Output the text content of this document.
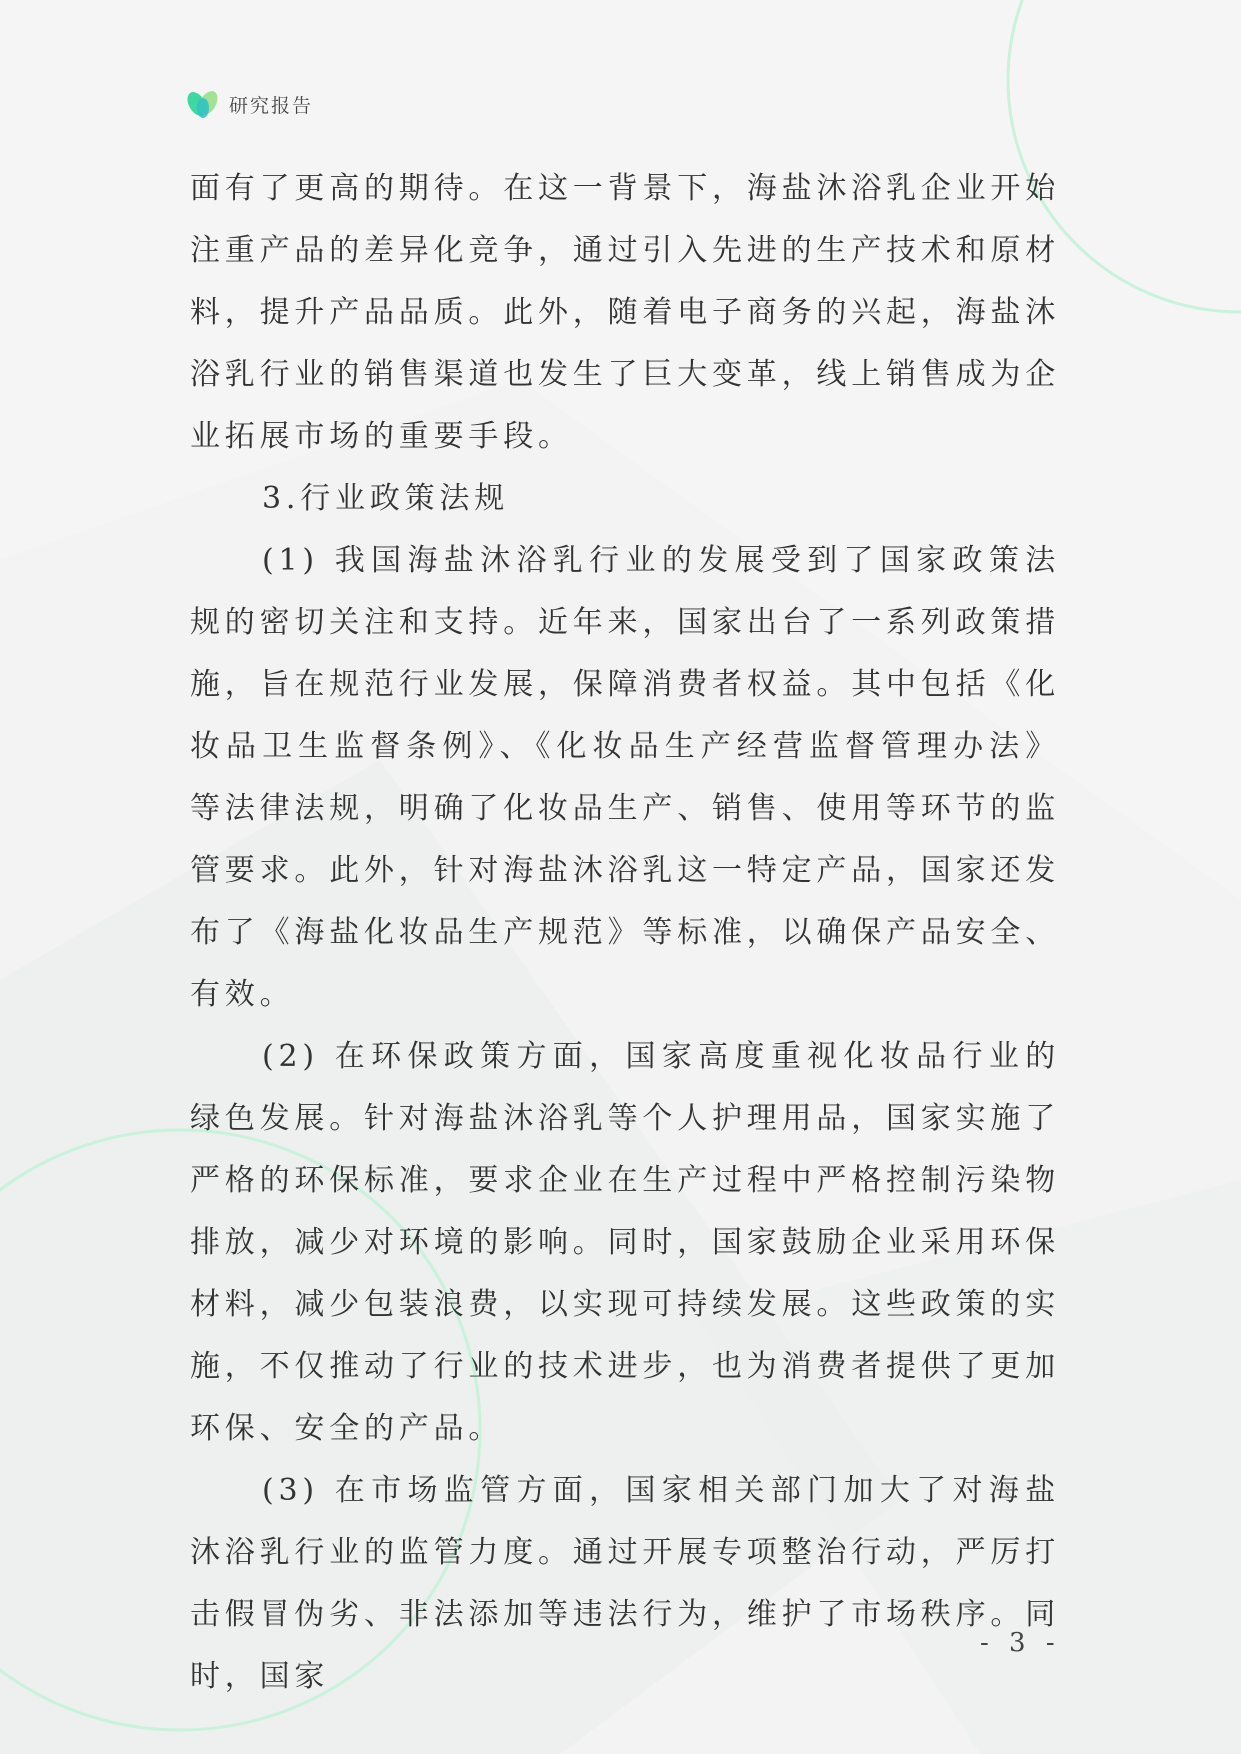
研究报告

面有了更高的期待。在这一背景下，海盐沐浴乳企业开始注重产品的差异化竞争，通过引入先进的生产技术和原材料，提升产品品质。此外，随着电子商务的兴起，海盐沐浴乳行业的销售渠道也发生了巨大变革，线上销售成为企业拓展市场的重要手段。

3.行业政策法规

(1) 我国海盐沐浴乳行业的发展受到了国家政策法规的密切关注和支持。近年来，国家出台了一系列政策措施，旨在规范行业发展，保障消费者权益。其中包括《化妆品卫生监督条例》、《化妆品生产经营监督管理办法》等法律法规，明确了化妆品生产、销售、使用等环节的监管要求。此外，针对海盐沐浴乳这一特定产品，国家还发布了《海盐化妆品生产规范》等标准，以确保产品安全、有效。

(2) 在环保政策方面，国家高度重视化妆品行业的绿色发展。针对海盐沐浴乳等个人护理用品，国家实施了严格的环保标准，要求企业在生产过程中严格控制污染物排放，减少对环境的影响。同时，国家鼓励企业采用环保材料，减少包装浪费，以实现可持续发展。这些政策的实施，不仅推动了行业的技术进步，也为消费者提供了更加环保、安全的产品。

(3) 在市场监管方面，国家相关部门加大了对海盐沐浴乳行业的监管力度。通过开展专项整治行动，严厉打击假冒伪劣、非法添加等违法行为，维护了市场秩序。同时，国家

- 3 -
